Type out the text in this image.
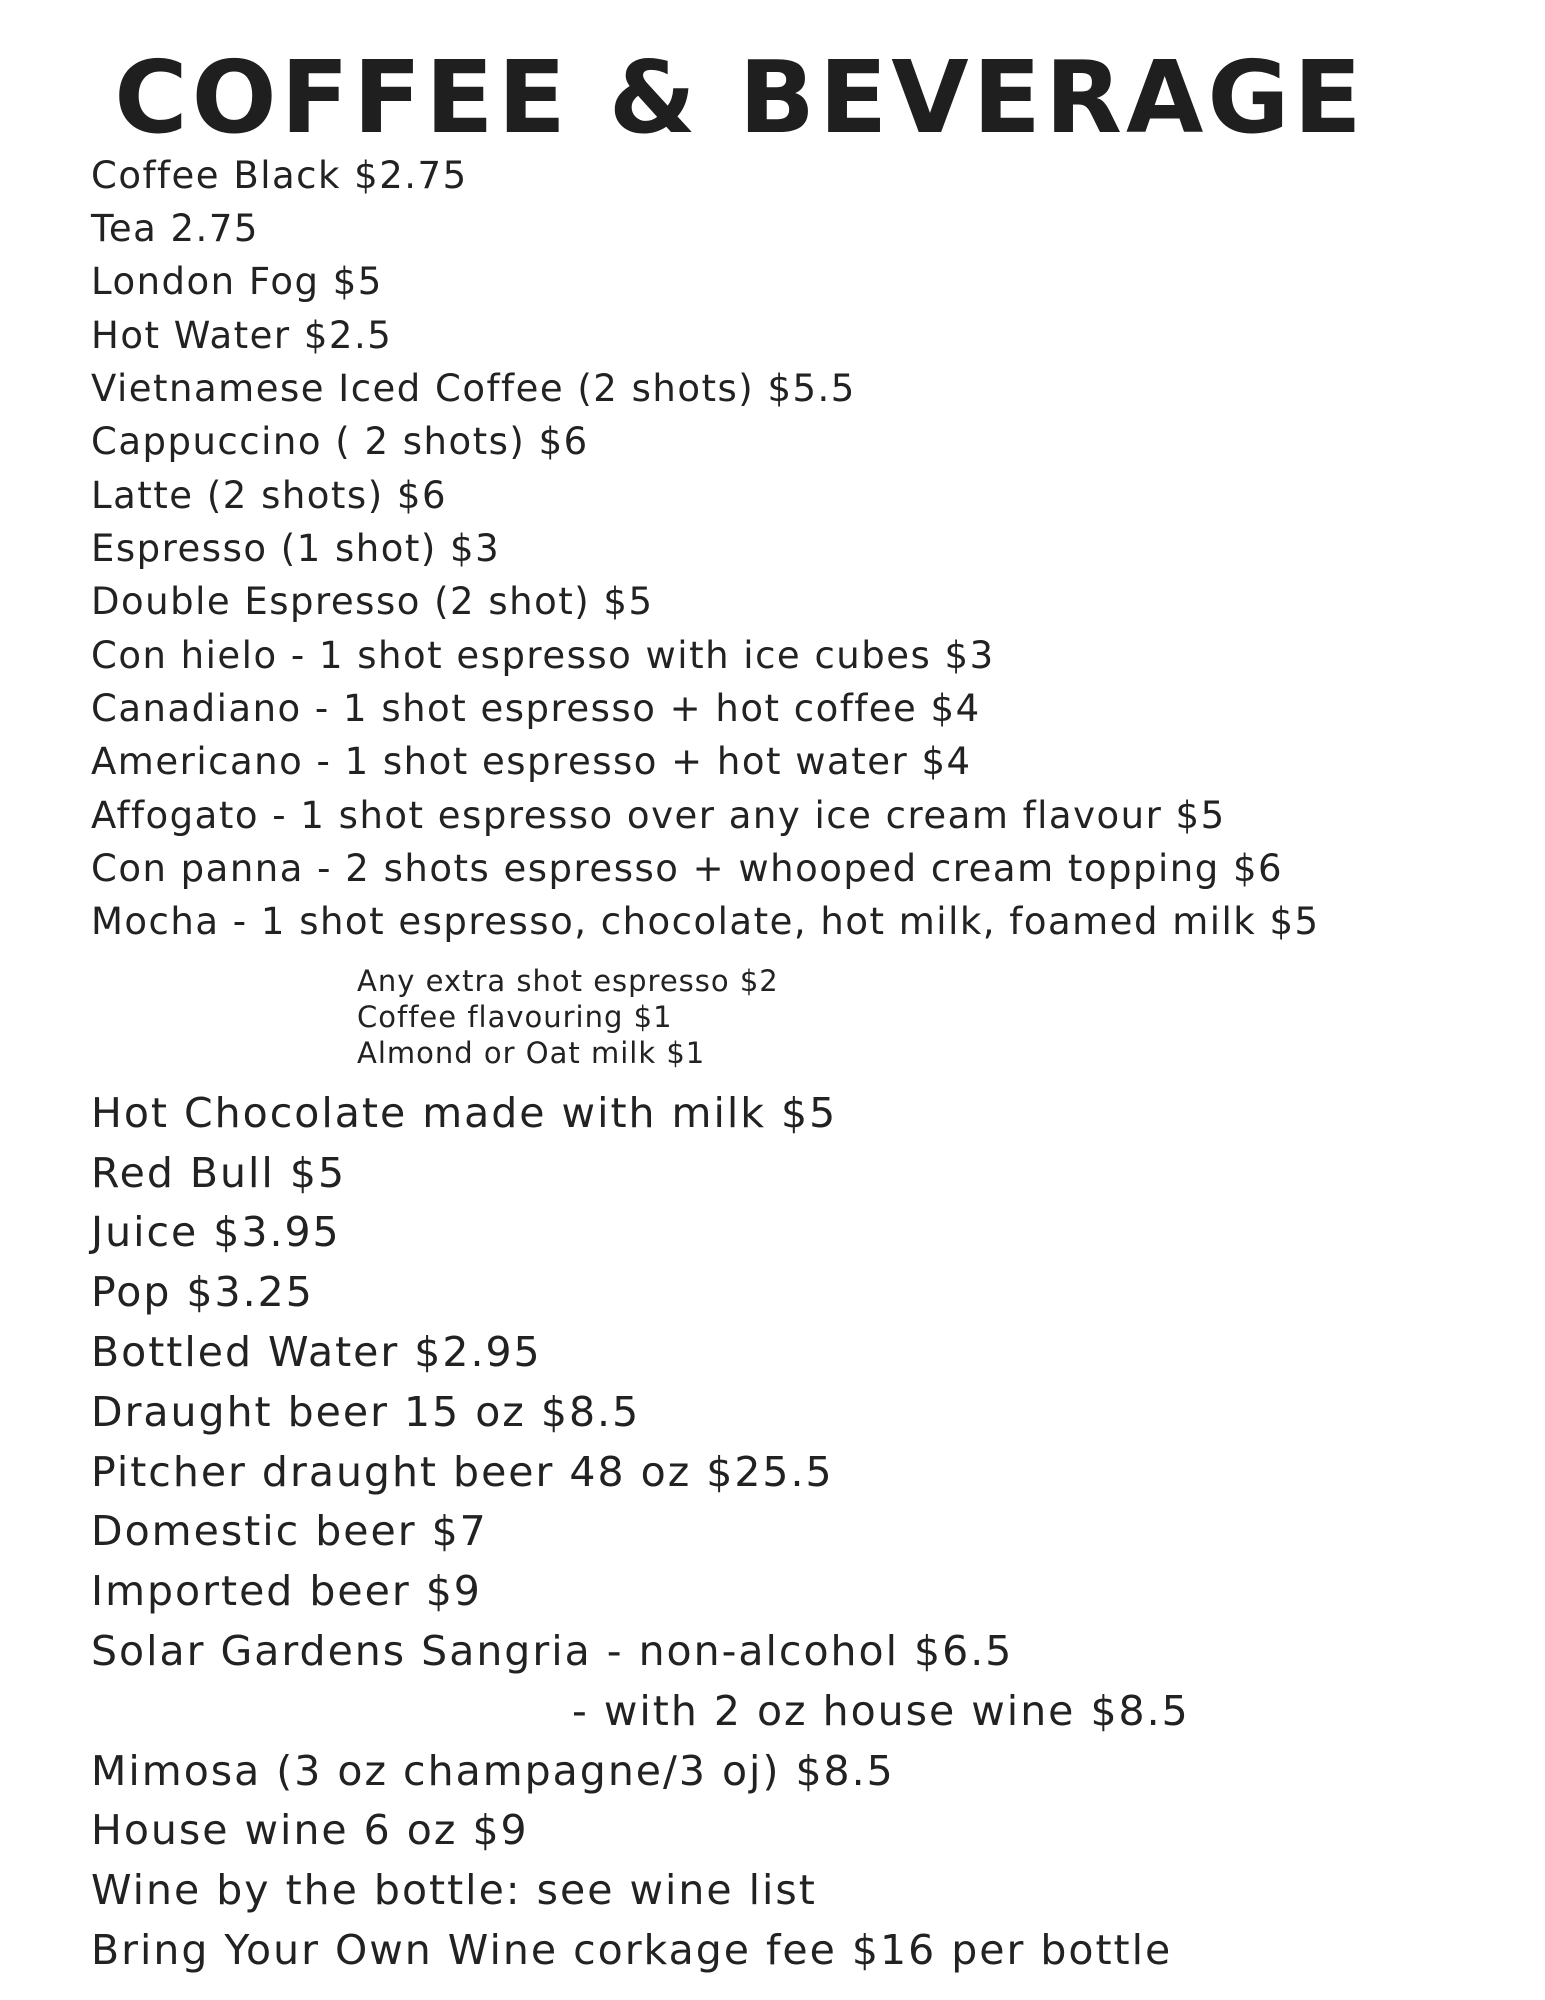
COFFEE & BEVERAGE
Coffee Black $2.75
Tea 2.75
London Fog $5
Hot Water $2.5
Vietnamese Iced Coffee (2 shots) $5.5
Cappuccino ( 2 shots) $6
Latte (2 shots) $6
Espresso (1 shot) $3
Double Espresso (2 shot) $5
Con hielo - 1 shot espresso with ice cubes $3
Canadiano - 1 shot espresso + hot coffee $4
Americano - 1 shot espresso + hot water $4
Affogato - 1 shot espresso over any ice cream flavour $5
Con panna - 2 shots espresso + whooped cream topping $6
Mocha - 1 shot espresso, chocolate, hot milk, foamed milk $5
Any extra shot espresso $2
Coffee flavouring $1
Almond or Oat milk $1
Hot Chocolate made with milk $5
Red Bull $5
Juice $3.95
Pop $3.25
Bottled Water $2.95
Draught beer 15 oz $8.5
Pitcher draught beer 48 oz $25.5
Domestic beer $7
Imported beer $9
Solar Gardens Sangria - non-alcohol $6.5
- with 2 oz house wine $8.5
Mimosa (3 oz champagne/3 oj) $8.5
House wine 6 oz $9
Wine by the bottle: see wine list
Bring Your Own Wine corkage fee $16 per bottle
